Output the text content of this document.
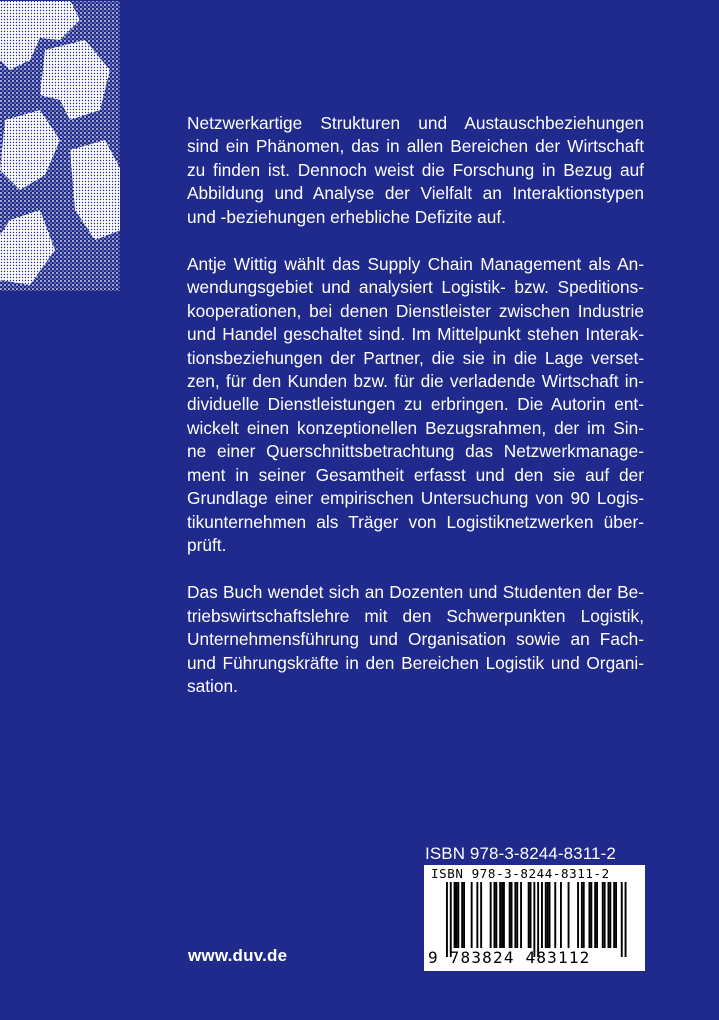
Netzwerkartige Strukturen und Austauschbeziehungen
sind ein Phänomen, das in allen Bereichen der Wirtschaft
zu finden ist. Dennoch weist die Forschung in Bezug auf
Abbildung und Analyse der Vielfalt an Interaktionstypen
und -beziehungen erhebliche Defizite auf.

Antje Wittig wählt das Supply Chain Management als An-
wendungsgebiet und analysiert Logistik- bzw. Speditions-
kooperationen, bei denen Dienstleister zwischen Industrie
und Handel geschaltet sind. Im Mittelpunkt stehen Interak-
tionsbeziehungen der Partner, die sie in die Lage verset-
zen, für den Kunden bzw. für die verladende Wirtschaft in-
dividuelle Dienstleistungen zu erbringen. Die Autorin ent-
wickelt einen konzeptionellen Bezugsrahmen, der im Sin-
ne einer Querschnittsbetrachtung das Netzwerkmanage-
ment in seiner Gesamtheit erfasst und den sie auf der
Grundlage einer empirischen Untersuchung von 90 Logis-
tikunternehmen als Träger von Logistiknetzwerken über-
prüft.

Das Buch wendet sich an Dozenten und Studenten der Be-
triebswirtschaftslehre mit den Schwerpunkten Logistik,
Unternehmensführung und Organisation sowie an Fach-
und Führungskräfte in den Bereichen Logistik und Organi-
sation.

ISBN 978-3-8244-8311-2
ISBN 978-3-8244-8311-2
9 783824 483112
www.duv.de
